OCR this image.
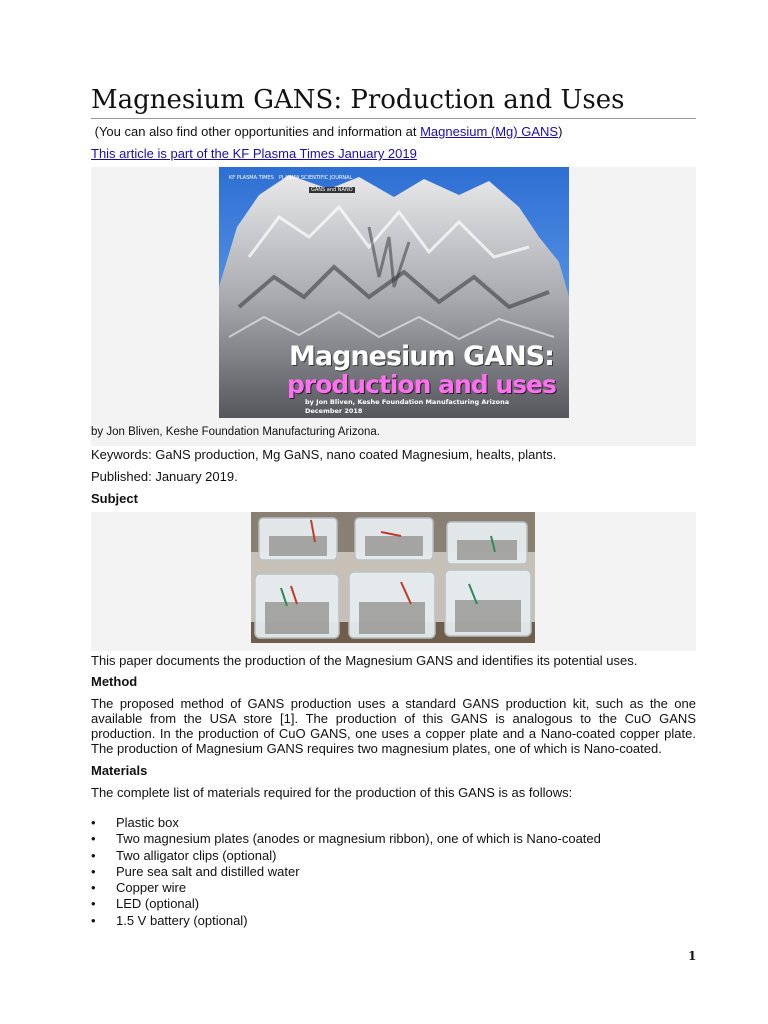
Magnesium GANS: Production and Uses

(You can also find other opportunities and information at Magnesium (Mg) GANS)

This article is part of the KF Plasma Times January 2019

KF PLASMA TIMES PLASMA SCIENTIFIC JOURNAL
GANS and NANO
Magnesium GANS:
production and uses
by Jon Bliven, Keshe Foundation Manufacturing Arizona
December 2018

by Jon Bliven, Keshe Foundation Manufacturing Arizona.

Keywords: GaNS production, Mg GaNS, nano coated Magnesium, healts, plants.

Published: January 2019.

Subject

This paper documents the production of the Magnesium GANS and identifies its potential uses.

Method

The proposed method of GANS production uses a standard GANS production kit, such as the one available from the USA store [1]. The production of this GANS is analogous to the CuO GANS production. In the production of CuO GANS, one uses a copper plate and a Nano-coated copper plate. The production of Magnesium GANS requires two magnesium plates, one of which is Nano-coated.

Materials

The complete list of materials required for the production of this GANS is as follows:

• Plastic box
• Two magnesium plates (anodes or magnesium ribbon), one of which is Nano-coated
• Two alligator clips (optional)
• Pure sea salt and distilled water
• Copper wire
• LED (optional)
• 1.5 V battery (optional)
1
